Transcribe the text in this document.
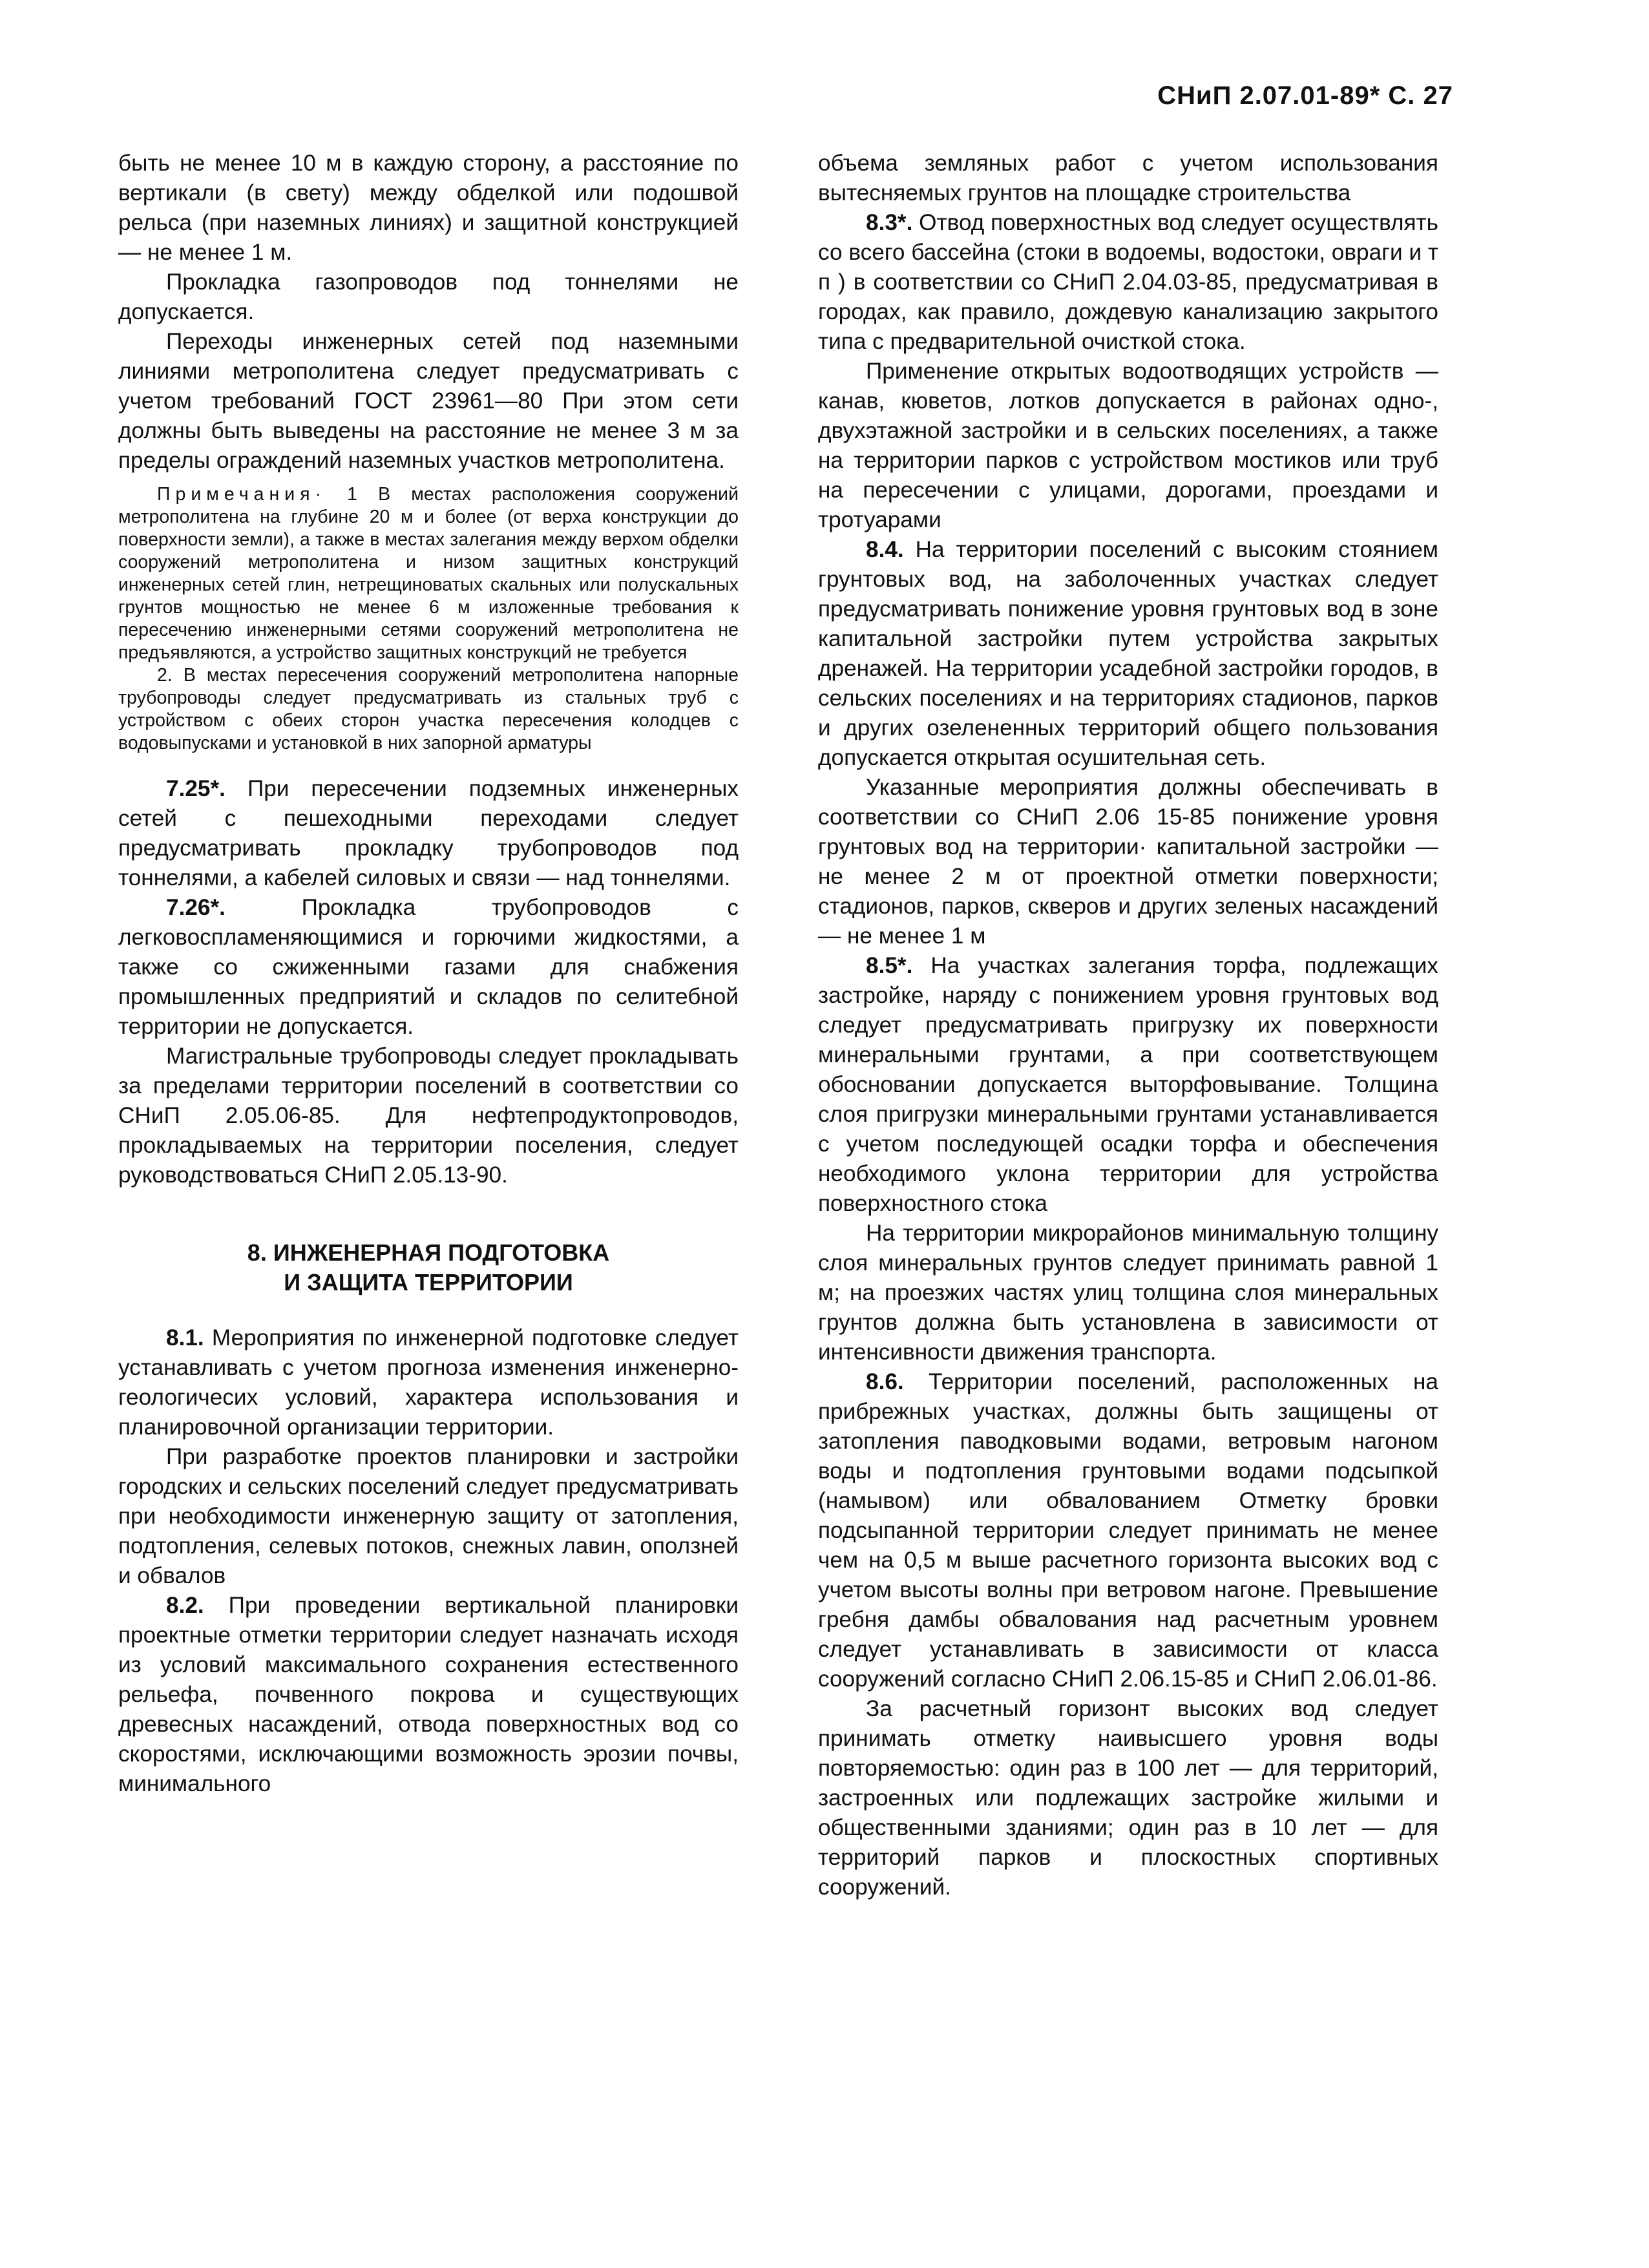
СНиП 2.07.01-89* С. 27

быть не менее 10 м в каждую сторону, а расстояние по вертикали (в свету) между обделкой или подошвой рельса (при наземных линиях) и защитной конструкцией — не менее 1 м.

Прокладка газопроводов под тоннелями не допускается.

Переходы инженерных сетей под наземными линиями метрополитена следует предусматривать с учетом требований ГОСТ 23961—80 При этом сети должны быть выведены на расстояние не менее 3 м за пределы ограждений наземных участков метрополитена.

Примечания· 1 В местах расположения сооружений метрополитена на глубине 20 м и более (от верха конструкции до поверхности земли), а также в местах залегания между верхом обделки сооружений метрополитена и низом защитных конструкций инженерных сетей глин, нетрещиноватых скальных или полускальных грунтов мощностью не менее 6 м изложенные требования к пересечению инженерными сетями сооружений метрополитена не предъявляются, а устройство защитных конструкций не требуется

2. В местах пересечения сооружений метрополитена напорные трубопроводы следует предусматривать из стальных труб с устройством с обеих сторон участка пересечения колодцев с водовыпусками и установкой в них запорной арматуры

7.25*. При пересечении подземных инженерных сетей с пешеходными переходами следует предусматривать прокладку трубопроводов под тоннелями, а кабелей силовых и связи — над тоннелями.

7.26*.	Прокладка трубопроводов с легковоспламеняющимися и горючими жидкостями, а также со сжиженными газами для снабжения промышленных предприятий и складов по селитебной территории не допускается.

Магистральные трубопроводы следует прокладывать за пределами территории поселений в соответствии со СНиП 2.05.06-85. Для нефтепродуктопроводов, прокладываемых на территории поселения, следует руководствоваться СНиП 2.05.13-90.

8. ИНЖЕНЕРНАЯ ПОДГОТОВКА
И ЗАЩИТА ТЕРРИТОРИИ

8.1. Мероприятия по инженерной подготовке следует устанавливать с учетом прогноза изменения инженерно-геологичесих условий, характера использования и планировочной организации территории.

При разработке проектов планировки и застройки городских и сельских поселений следует предусматривать при необходимости инженерную защиту от затопления, подтопления, селевых потоков, снежных лавин, оползней и обвалов

8.2. При проведении вертикальной планировки проектные отметки территории следует назначать исходя из условий максимального сохранения естественного рельефа, почвенного покрова и существующих древесных насаждений, отвода поверхностных вод со скоростями, исключающими возможность эрозии почвы, минимального

объема земляных работ с учетом использования вытесняемых грунтов на площадке строительства

8.3*. Отвод поверхностных вод следует осуществлять со всего бассейна (стоки в водоемы, водостоки, овраги и т п ) в соответствии со СНиП 2.04.03-85, предусматривая в городах, как правило, дождевую канализацию закрытого типа с предварительной очисткой стока.

Применение открытых водоотводящих устройств — канав, кюветов, лотков допускается в районах одно-, двухэтажной застройки и в сельских поселениях, а также на территории парков с устройством мостиков или труб на пересечении с улицами, дорогами, проездами и тротуарами

8.4. На территории поселений с высоким стоянием грунтовых вод, на заболоченных участках следует предусматривать понижение уровня грунтовых вод в зоне капитальной застройки путем устройства закрытых дренажей. На территории усадебной застройки городов, в сельских поселениях и на территориях стадионов, парков и других озелененных территорий общего пользования допускается открытая осушительная сеть.

Указанные мероприятия должны обеспечивать в соответствии со СНиП 2.06 15-85 понижение уровня грунтовых вод на территории· капитальной застройки — не менее 2 м от проектной отметки поверхности; стадионов, парков, скверов и других зеленых насаждений — не менее 1 м

8.5*. На участках залегания торфа, подлежащих застройке, наряду с понижением уровня грунтовых вод следует предусматривать пригрузку их поверхности минеральными грунтами, а при соответствующем обосновании допускается выторфовывание. Толщина слоя пригрузки минеральными грунтами устанавливается с учетом последующей осадки торфа и обеспечения необходимого уклона территории для устройства поверхностного стока

На территории микрорайонов минимальную толщину слоя минеральных грунтов следует принимать равной 1 м; на проезжих частях улиц толщина слоя минеральных грунтов должна быть установлена в зависимости от интенсивности движения транспорта.

8.6. Территории поселений, расположенных на прибрежных участках, должны быть защищены от затопления паводковыми водами, ветровым нагоном воды и подтопления грунтовыми водами подсыпкой (намывом) или обвалованием Отметку бровки подсыпанной территории следует принимать не менее чем на 0,5 м выше расчетного горизонта высоких вод с учетом высоты волны при ветровом нагоне. Превышение гребня дамбы обвалования над расчетным уровнем следует устанавливать в зависимости от класса сооружений согласно СНиП 2.06.15-85 и СНиП 2.06.01-86.

За расчетный горизонт высоких вод следует принимать отметку наивысшего уровня воды повторяемостью: один раз в 100 лет — для территорий, застроенных или подлежащих застройке жилыми и общественными зданиями; один раз в 10 лет — для территорий парков и плоскостных спортивных сооружений.
